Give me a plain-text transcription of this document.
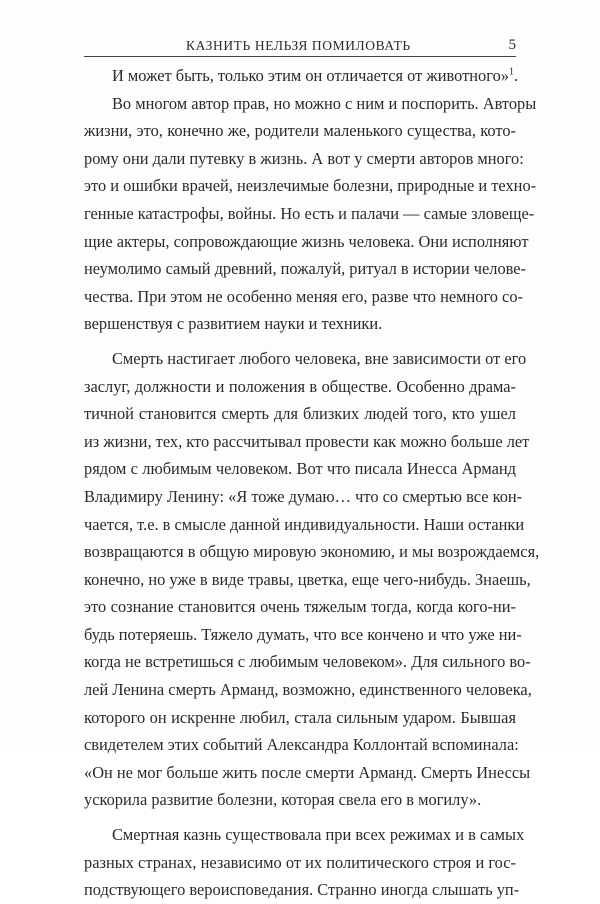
КАЗНИТЬ НЕЛЬЗЯ ПОМИЛОВАТЬ	5
И может быть, только этим он отличается от животного»$^1$.
Во многом автор прав, но можно с ним и поспорить. Авторы
жизни, это, конечно же, родители маленького существа, кото-
рому они дали путевку в жизнь. А вот у смерти авторов много:
это и ошибки врачей, неизлечимые болезни, природные и техно-
генные катастрофы, войны. Но есть и палачи — самые зловеще-
щие актеры, сопровождающие жизнь человека. Они исполняют
неумолимо самый древний, пожалуй, ритуал в истории челове-
чества. При этом не особенно меняя его, разве что немного со-
вершенствуя с развитием науки и техники.
Смерть настигает любого человека, вне зависимости от его
заслуг, должности и положения в обществе. Особенно драма-
тичной становится смерть для близких людей того, кто ушел
из жизни, тех, кто рассчитывал провести как можно больше лет
рядом с любимым человеком. Вот что писала Инесса Арманд
Владимиру Ленину: «Я тоже думаю… что со смертью все кон-
чается, т.е. в смысле данной индивидуальности. Наши останки
возвращаются в общую мировую экономию, и мы возрождаемся,
конечно, но уже в виде травы, цветка, еще чего-нибудь. Знаешь,
это сознание становится очень тяжелым тогда, когда кого-ни-
будь потеряешь. Тяжело думать, что все кончено и что уже ни-
когда не встретишься с любимым человеком». Для сильного во-
лей Ленина смерть Арманд, возможно, единственного человека,
которого он искренне любил, стала сильным ударом. Бывшая
свидетелем этих событий Александра Коллонтай вспоминала:
«Он не мог больше жить после смерти Арманд. Смерть Инессы
ускорила развитие болезни, которая свела его в могилу».
Смертная казнь существовала при всех режимах и в самых
разных странах, независимо от их политического строя и гос-
подствующего вероисповедания. Странно иногда слышать уп-
